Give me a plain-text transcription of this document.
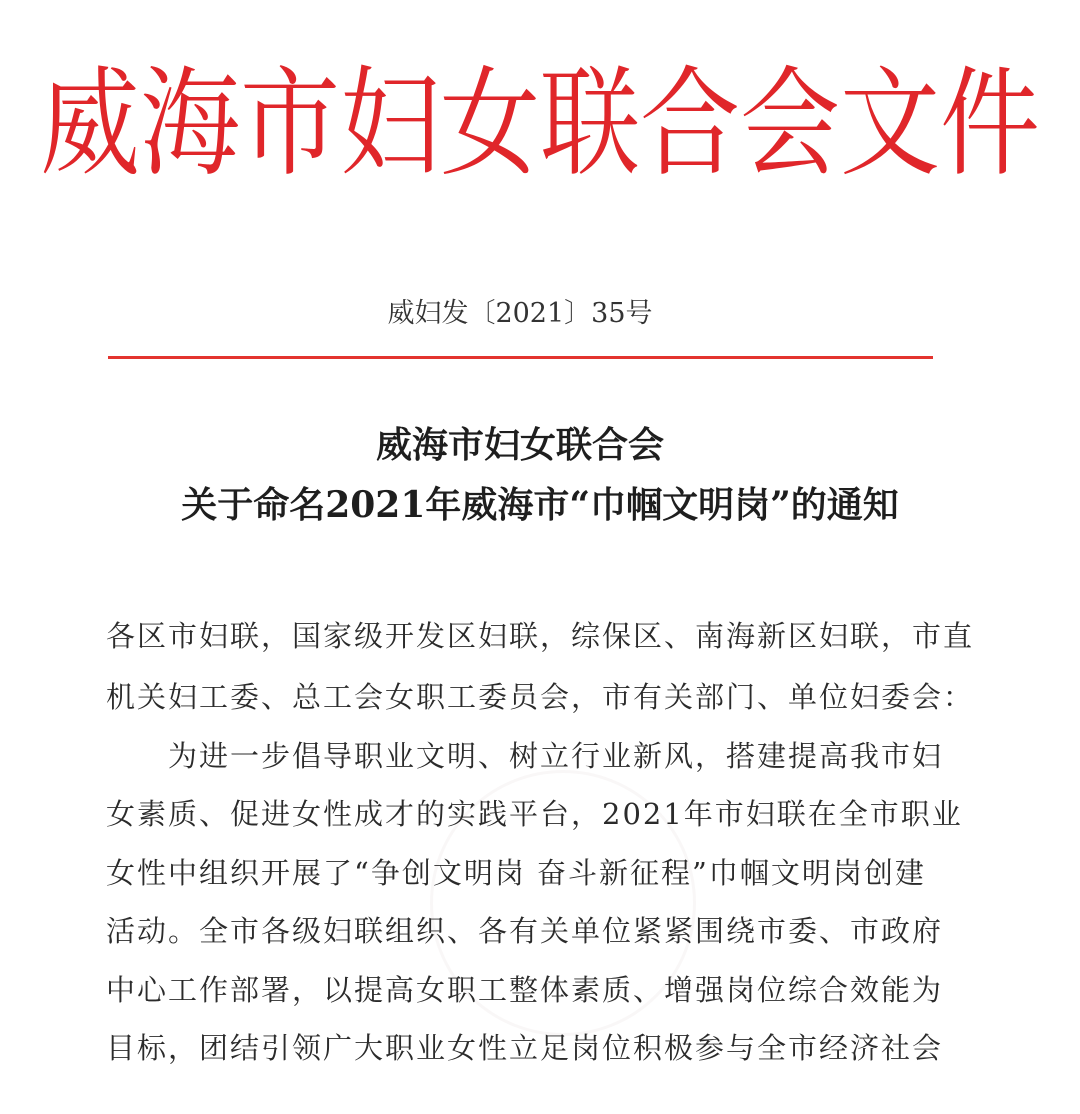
威海市妇女联合会文件
威妇发〔2021〕35号
威海市妇女联合会
关于命名2021年威海市“巾帼文明岗”的通知
各区市妇联，国家级开发区妇联，综保区、南海新区妇联，市直
机关妇工委、总工会女职工委员会，市有关部门、单位妇委会：
　　为进一步倡导职业文明、树立行业新风，搭建提高我市妇
女素质、促进女性成才的实践平台，2021年市妇联在全市职业
女性中组织开展了“争创文明岗 奋斗新征程”巾帼文明岗创建
活动。全市各级妇联组织、各有关单位紧紧围绕市委、市政府
中心工作部署，以提高女职工整体素质、增强岗位综合效能为
目标，团结引领广大职业女性立足岗位积极参与全市经济社会
